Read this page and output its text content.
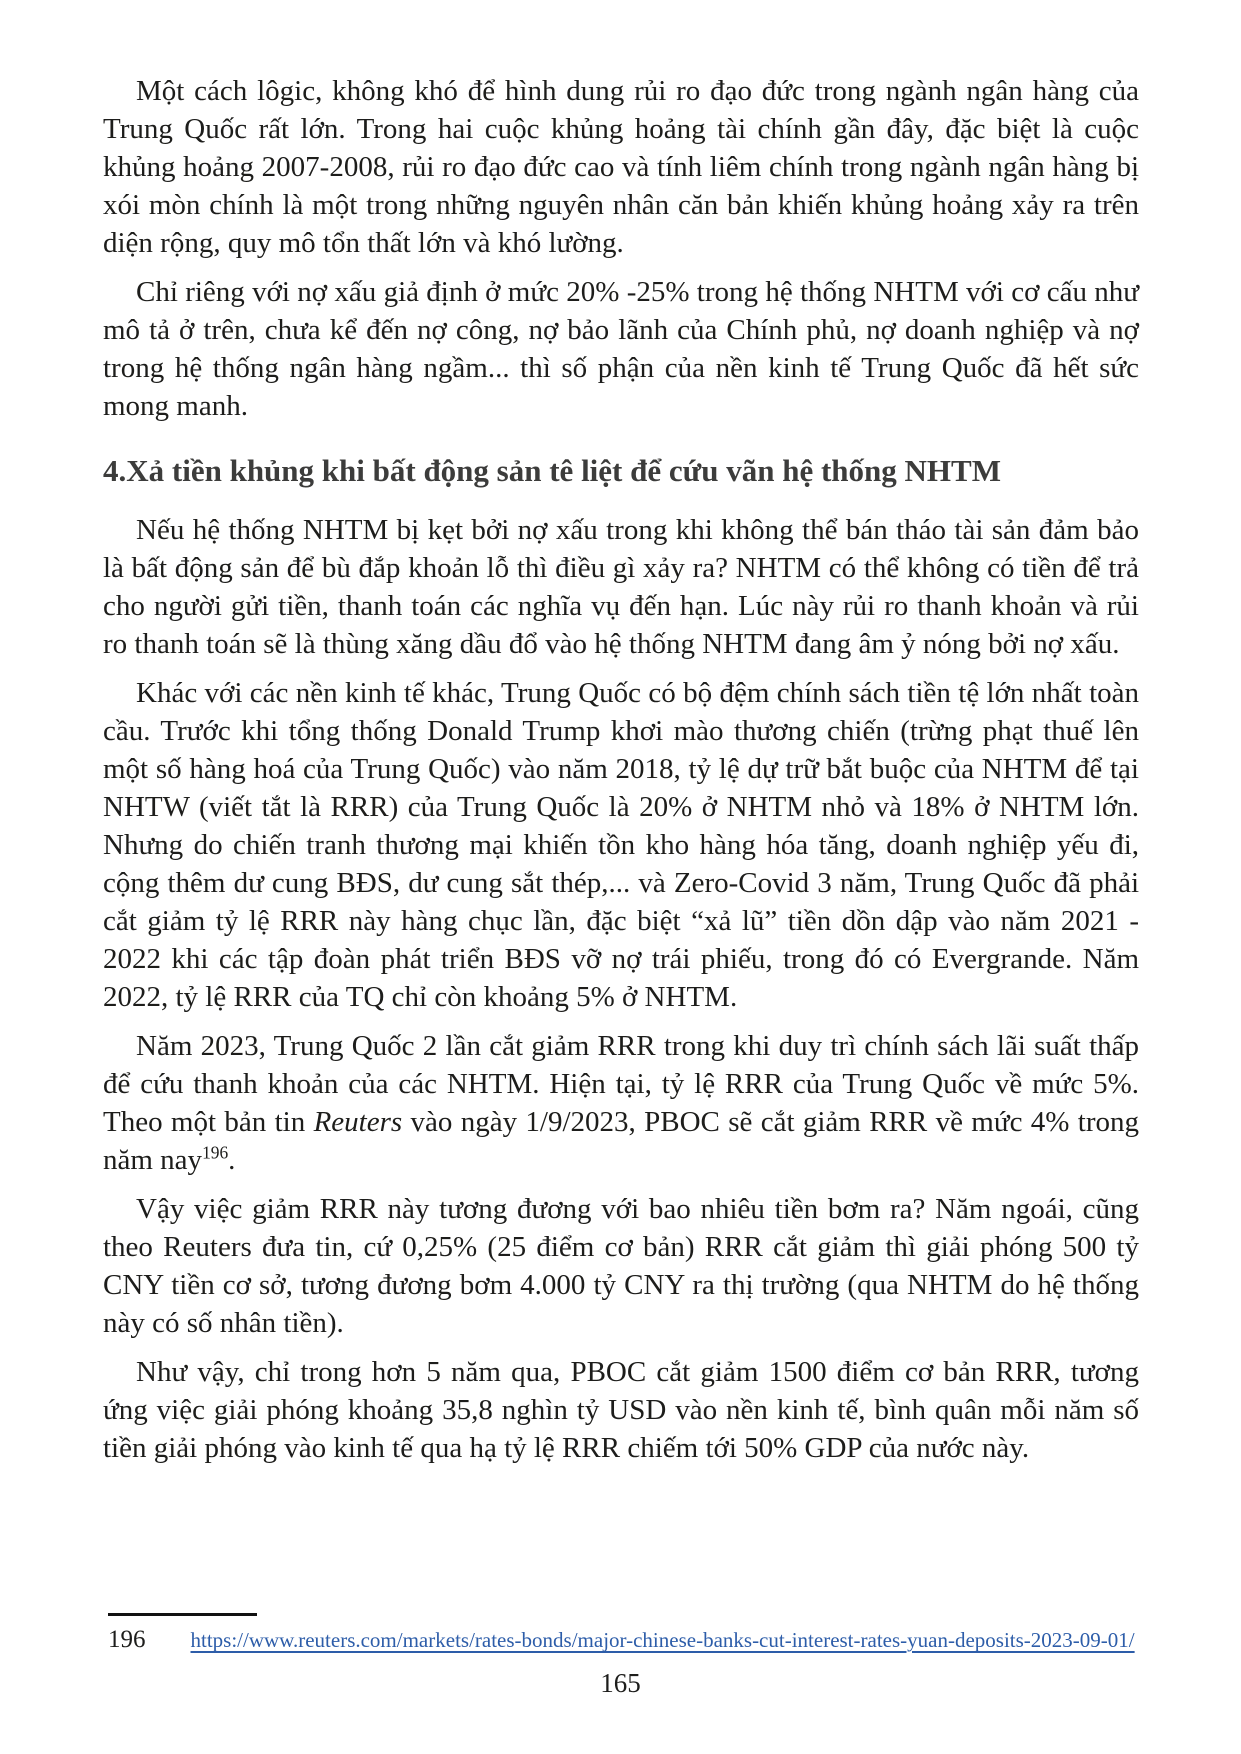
Một cách lôgic, không khó để hình dung rủi ro đạo đức trong ngành ngân hàng của Trung Quốc rất lớn. Trong hai cuộc khủng hoảng tài chính gần đây, đặc biệt là cuộc khủng hoảng 2007-2008, rủi ro đạo đức cao và tính liêm chính trong ngành ngân hàng bị xói mòn chính là một trong những nguyên nhân căn bản khiến khủng hoảng xảy ra trên diện rộng, quy mô tổn thất lớn và khó lường.

Chỉ riêng với nợ xấu giả định ở mức 20% -25% trong hệ thống NHTM với cơ cấu như mô tả ở trên, chưa kể đến nợ công, nợ bảo lãnh của Chính phủ, nợ doanh nghiệp và nợ trong hệ thống ngân hàng ngầm... thì số phận của nền kinh tế Trung Quốc đã hết sức mong manh.

4.Xả tiền khủng khi bất động sản tê liệt để cứu vãn hệ thống NHTM

Nếu hệ thống NHTM bị kẹt bởi nợ xấu trong khi không thể bán tháo tài sản đảm bảo là bất động sản để bù đắp khoản lỗ thì điều gì xảy ra? NHTM có thể không có tiền để trả cho người gửi tiền, thanh toán các nghĩa vụ đến hạn. Lúc này rủi ro thanh khoản và rủi ro thanh toán sẽ là thùng xăng dầu đổ vào hệ thống NHTM đang âm ỷ nóng bởi nợ xấu.

Khác với các nền kinh tế khác, Trung Quốc có bộ đệm chính sách tiền tệ lớn nhất toàn cầu. Trước khi tổng thống Donald Trump khơi mào thương chiến (trừng phạt thuế lên một số hàng hoá của Trung Quốc) vào năm 2018, tỷ lệ dự trữ bắt buộc của NHTM để tại NHTW (viết tắt là RRR) của Trung Quốc là 20% ở NHTM nhỏ và 18% ở NHTM lớn. Nhưng do chiến tranh thương mại khiến tồn kho hàng hóa tăng, doanh nghiệp yếu đi, cộng thêm dư cung BĐS, dư cung sắt thép,... và Zero-Covid 3 năm, Trung Quốc đã phải cắt giảm tỷ lệ RRR này hàng chục lần, đặc biệt “xả lũ” tiền dồn dập vào năm 2021 - 2022 khi các tập đoàn phát triển BĐS vỡ nợ trái phiếu, trong đó có Evergrande. Năm 2022, tỷ lệ RRR của TQ chỉ còn khoảng 5% ở NHTM.

Năm 2023, Trung Quốc 2 lần cắt giảm RRR trong khi duy trì chính sách lãi suất thấp để cứu thanh khoản của các NHTM. Hiện tại, tỷ lệ RRR của Trung Quốc về mức 5%. Theo một bản tin Reuters vào ngày 1/9/2023, PBOC sẽ cắt giảm RRR về mức 4% trong năm nay$^{196}$.

Vậy việc giảm RRR này tương đương với bao nhiêu tiền bơm ra? Năm ngoái, cũng theo Reuters đưa tin, cứ 0,25% (25 điểm cơ bản) RRR cắt giảm thì giải phóng 500 tỷ CNY tiền cơ sở, tương đương bơm 4.000 tỷ CNY ra thị trường (qua NHTM do hệ thống này có số nhân tiền).

Như vậy, chỉ trong hơn 5 năm qua, PBOC cắt giảm 1500 điểm cơ bản RRR, tương ứng việc giải phóng khoảng 35,8 nghìn tỷ USD vào nền kinh tế, bình quân mỗi năm số tiền giải phóng vào kinh tế qua hạ tỷ lệ RRR chiếm tới 50% GDP của nước này.

196 https://www.reuters.com/markets/rates-bonds/major-chinese-banks-cut-interest-rates-yuan-deposits-2023-09-01/
165
